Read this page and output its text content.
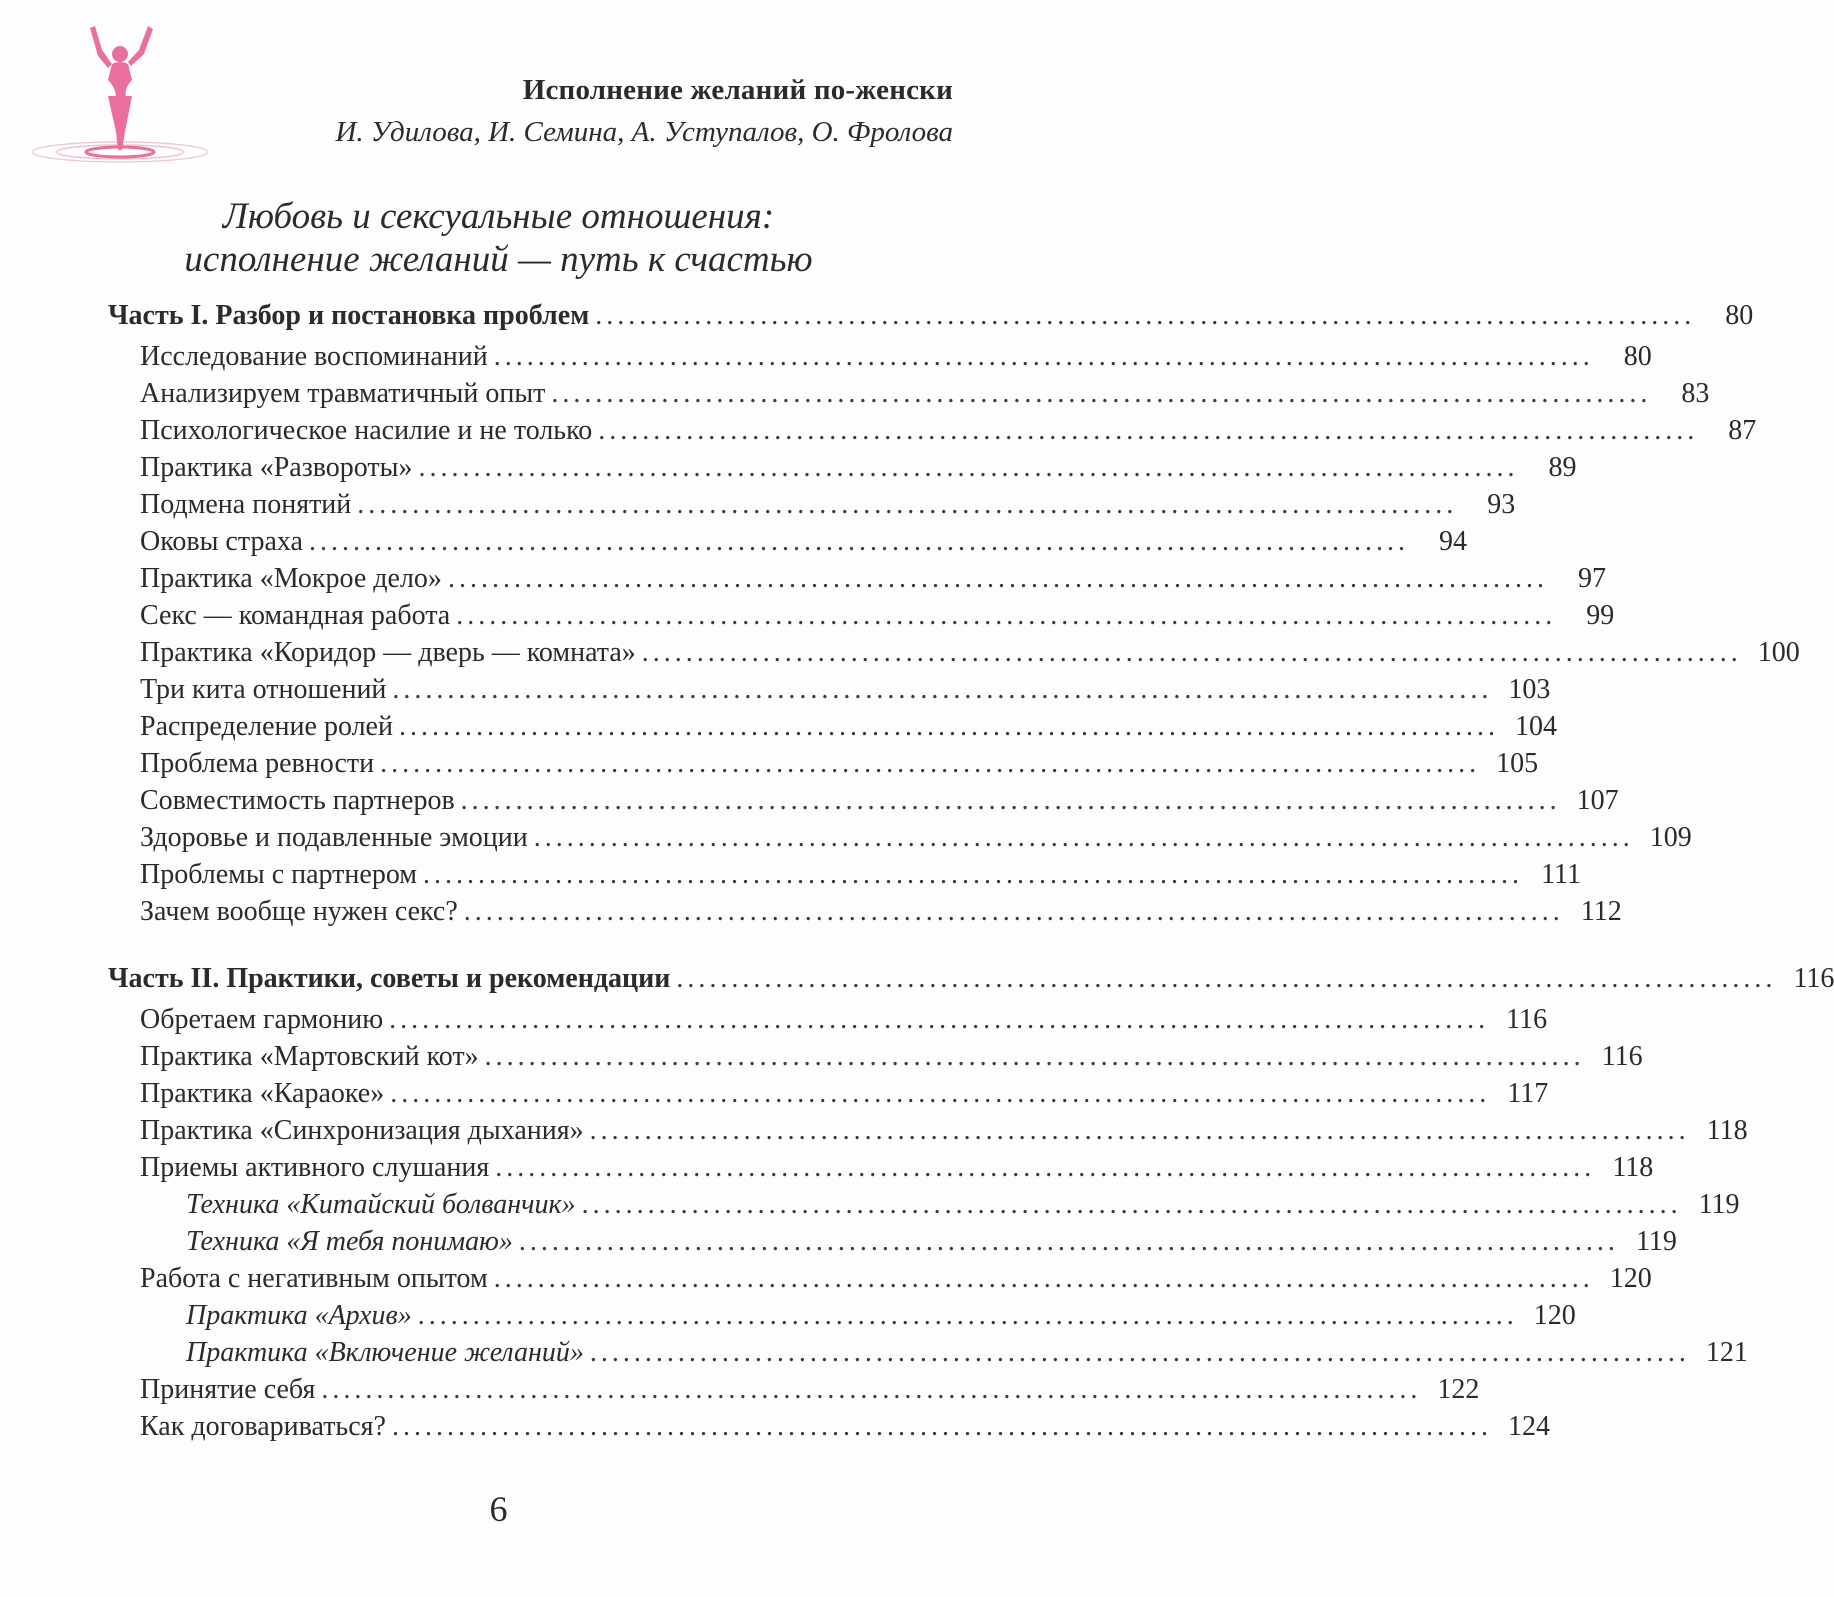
Исполнение желаний по-женски
И. Удилова, И. Семина, А. Уступалов, О. Фролова
Любовь и сексуальные отношения:
исполнение желаний — путь к счастью
Часть I. Разбор и постановка проблем ....................................................................................................	80
Исследование воспоминаний ....................................................................................................	80
Анализируем травматичный опыт ....................................................................................................	83
Психологическое насилие и не только ....................................................................................................	87
Практика «Развороты» ....................................................................................................	89
Подмена понятий ....................................................................................................	93
Оковы страха ....................................................................................................	94
Практика «Мокрое дело» ....................................................................................................	97
Секс — командная работа ....................................................................................................	99
Практика «Коридор — дверь — комната» .................................................................................................... 100
Три кита отношений .................................................................................................... 103
Распределение ролей .................................................................................................... 104
Проблема ревности .................................................................................................... 105
Совместимость партнеров .................................................................................................... 107
Здоровье и подавленные эмоции .................................................................................................... 109
Проблемы с партнером .................................................................................................... 111
Зачем вообще нужен секс? .................................................................................................... 112
Часть II. Практики, советы и рекомендации .................................................................................................... 116
Обретаем гармонию .................................................................................................... 116
Практика «Мартовский кот» .................................................................................................... 116
Практика «Караоке» .................................................................................................... 117
Практика «Синхронизация дыхания» .................................................................................................... 118
Приемы активного слушания .................................................................................................... 118
Техника «Китайский болванчик» .................................................................................................... 119
Техника «Я тебя понимаю» .................................................................................................... 119
Работа с негативным опытом .................................................................................................... 120
Практика «Архив» .................................................................................................... 120
Практика «Включение желаний» .................................................................................................... 121
Принятие себя .................................................................................................... 122
Как договариваться? .................................................................................................... 124
6
